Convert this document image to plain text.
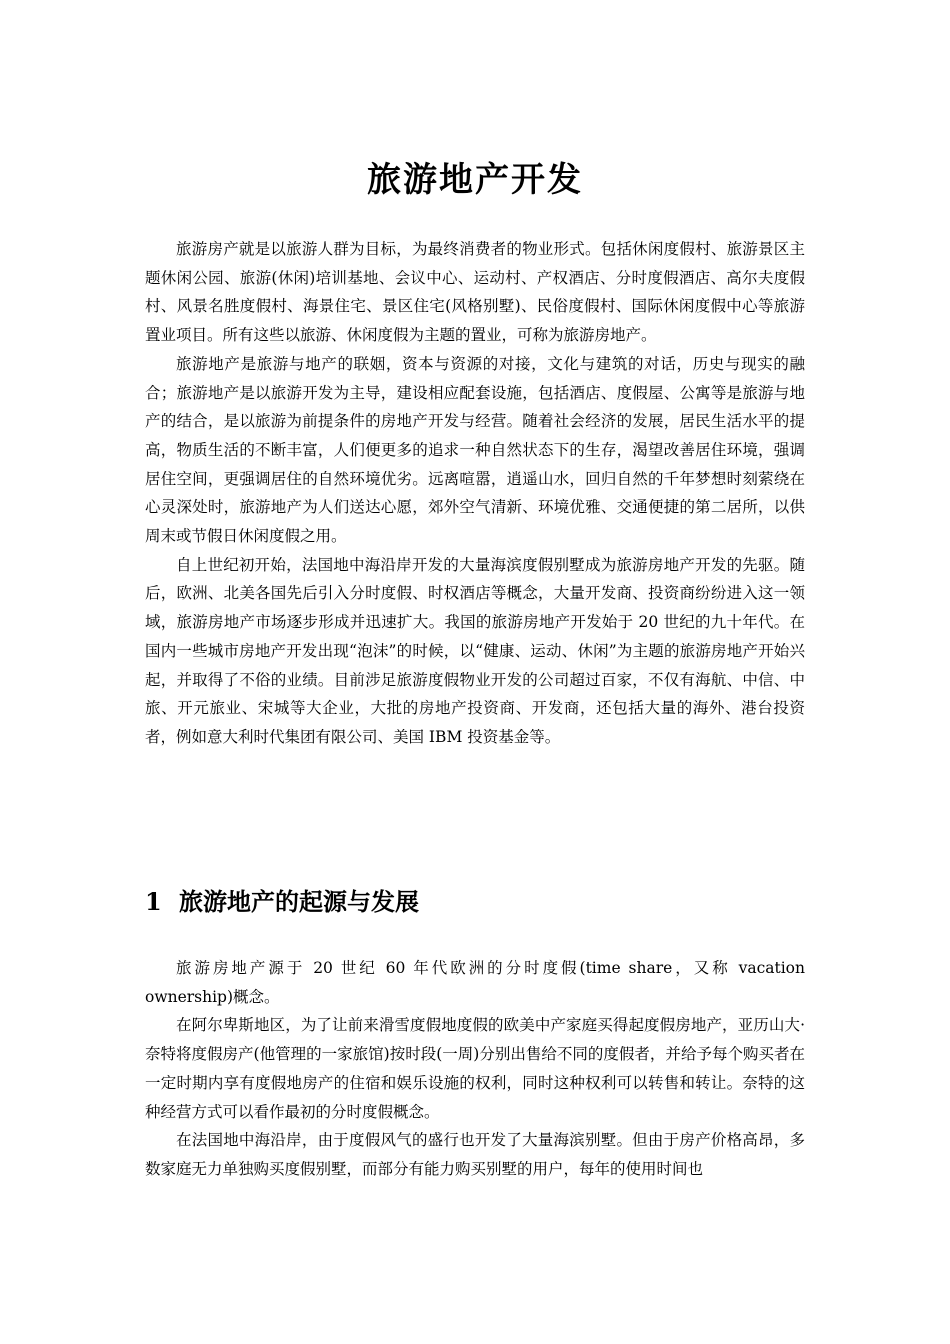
旅游地产开发

旅游房产就是以旅游人群为目标，为最终消费者的物业形式。包括休闲度假村、旅游景区主题休闲公园、旅游(休闲)培训基地、会议中心、运动村、产权酒店、分时度假酒店、高尔夫度假村、风景名胜度假村、海景住宅、景区住宅(风格别墅)、民俗度假村、国际休闲度假中心等旅游置业项目。所有这些以旅游、休闲度假为主题的置业，可称为旅游房地产。

旅游地产是旅游与地产的联姻，资本与资源的对接，文化与建筑的对话，历史与现实的融合；旅游地产是以旅游开发为主导，建设相应配套设施，包括酒店、度假屋、公寓等是旅游与地产的结合，是以旅游为前提条件的房地产开发与经营。随着社会经济的发展，居民生活水平的提高，物质生活的不断丰富，人们便更多的追求一种自然状态下的生存，渴望改善居住环境，强调居住空间，更强调居住的自然环境优劣。远离喧嚣，逍遥山水，回归自然的千年梦想时刻萦绕在心灵深处时，旅游地产为人们送达心愿，郊外空气清新、环境优雅、交通便捷的第二居所，以供周末或节假日休闲度假之用。

自上世纪初开始，法国地中海沿岸开发的大量海滨度假别墅成为旅游房地产开发的先驱。随后，欧洲、北美各国先后引入分时度假、时权酒店等概念，大量开发商、投资商纷纷进入这一领域，旅游房地产市场逐步形成并迅速扩大。我国的旅游房地产开发始于 20 世纪的九十年代。在国内一些城市房地产开发出现“泡沫”的时候，以“健康、运动、休闲”为主题的旅游房地产开始兴起，并取得了不俗的业绩。目前涉足旅游度假物业开发的公司超过百家，不仅有海航、中信、中旅、开元旅业、宋城等大企业，大批的房地产投资商、开发商，还包括大量的海外、港台投资者，例如意大利时代集团有限公司、美国 IBM 投资基金等。

1 旅游地产的起源与发展

旅游房地产源于 20 世纪 60 年代欧洲的分时度假(time share，又称 vacation ownership)概念。

在阿尔卑斯地区，为了让前来滑雪度假地度假的欧美中产家庭买得起度假房地产，亚历山大·奈特将度假房产(他管理的一家旅馆)按时段(一周)分别出售给不同的度假者，并给予每个购买者在一定时期内享有度假地房产的住宿和娱乐设施的权利，同时这种权利可以转售和转让。奈特的这种经营方式可以看作最初的分时度假概念。

在法国地中海沿岸，由于度假风气的盛行也开发了大量海滨别墅。但由于房产价格高昂，多数家庭无力单独购买度假别墅，而部分有能力购买别墅的用户，每年的使用时间也
